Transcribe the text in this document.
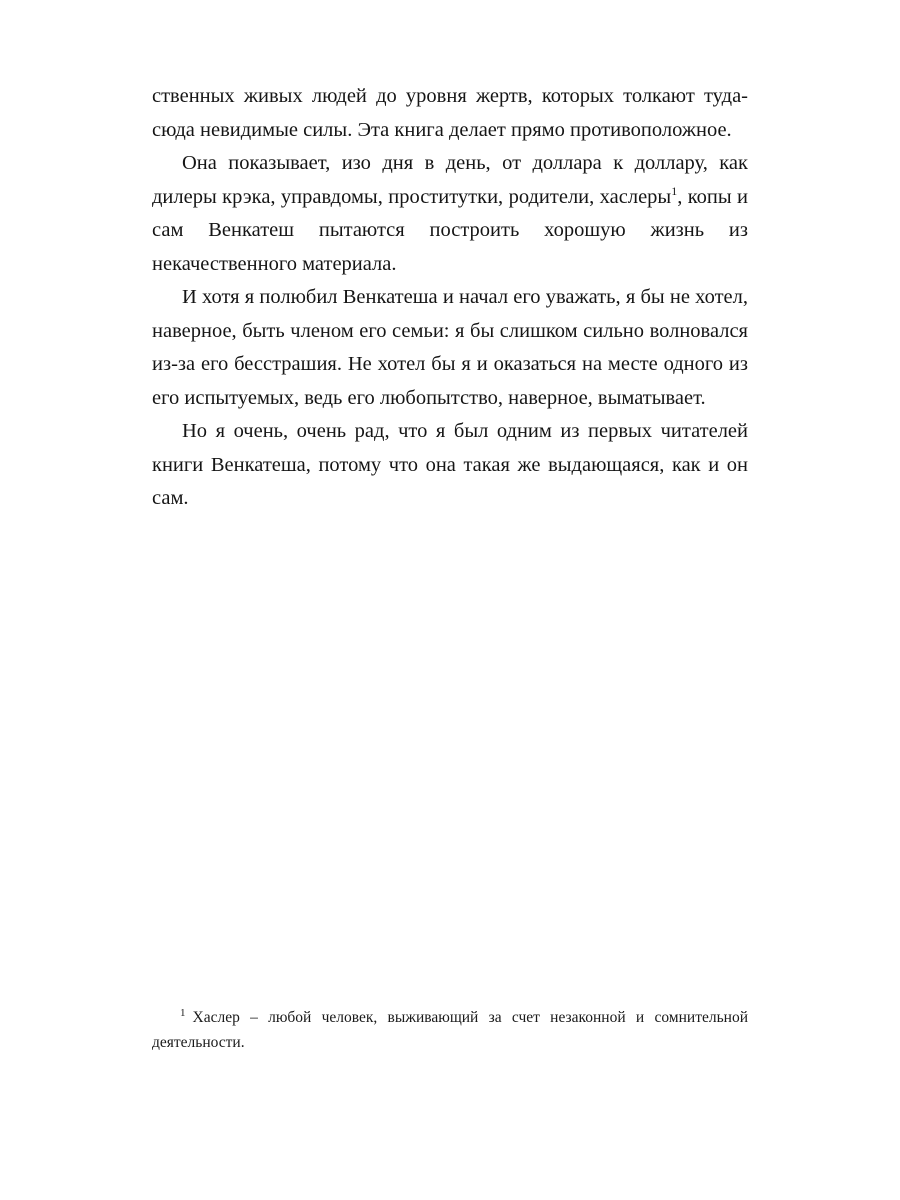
ственных живых людей до уровня жертв, которых толкают туда-сюда невидимые силы. Эта книга делает прямо противоположное.

Она показывает, изо дня в день, от доллара к доллару, как дилеры крэка, управдомы, проститутки, родители, хаслеры$^1$, копы и сам Венкатеш пытаются построить хорошую жизнь из некачественного материала.

И хотя я полюбил Венкатеша и начал его уважать, я бы не хотел, наверное, быть членом его семьи: я бы слишком сильно волновался из-за его бесстрашия. Не хотел бы я и оказаться на месте одного из его испытуемых, ведь его любопытство, наверное, выматывает.

Но я очень, очень рад, что я был одним из первых читателей книги Венкатеша, потому что она такая же выдающаяся, как и он сам.

$^1$ Хаслер – любой человек, выживающий за счет незаконной и сомнительной деятельности.
